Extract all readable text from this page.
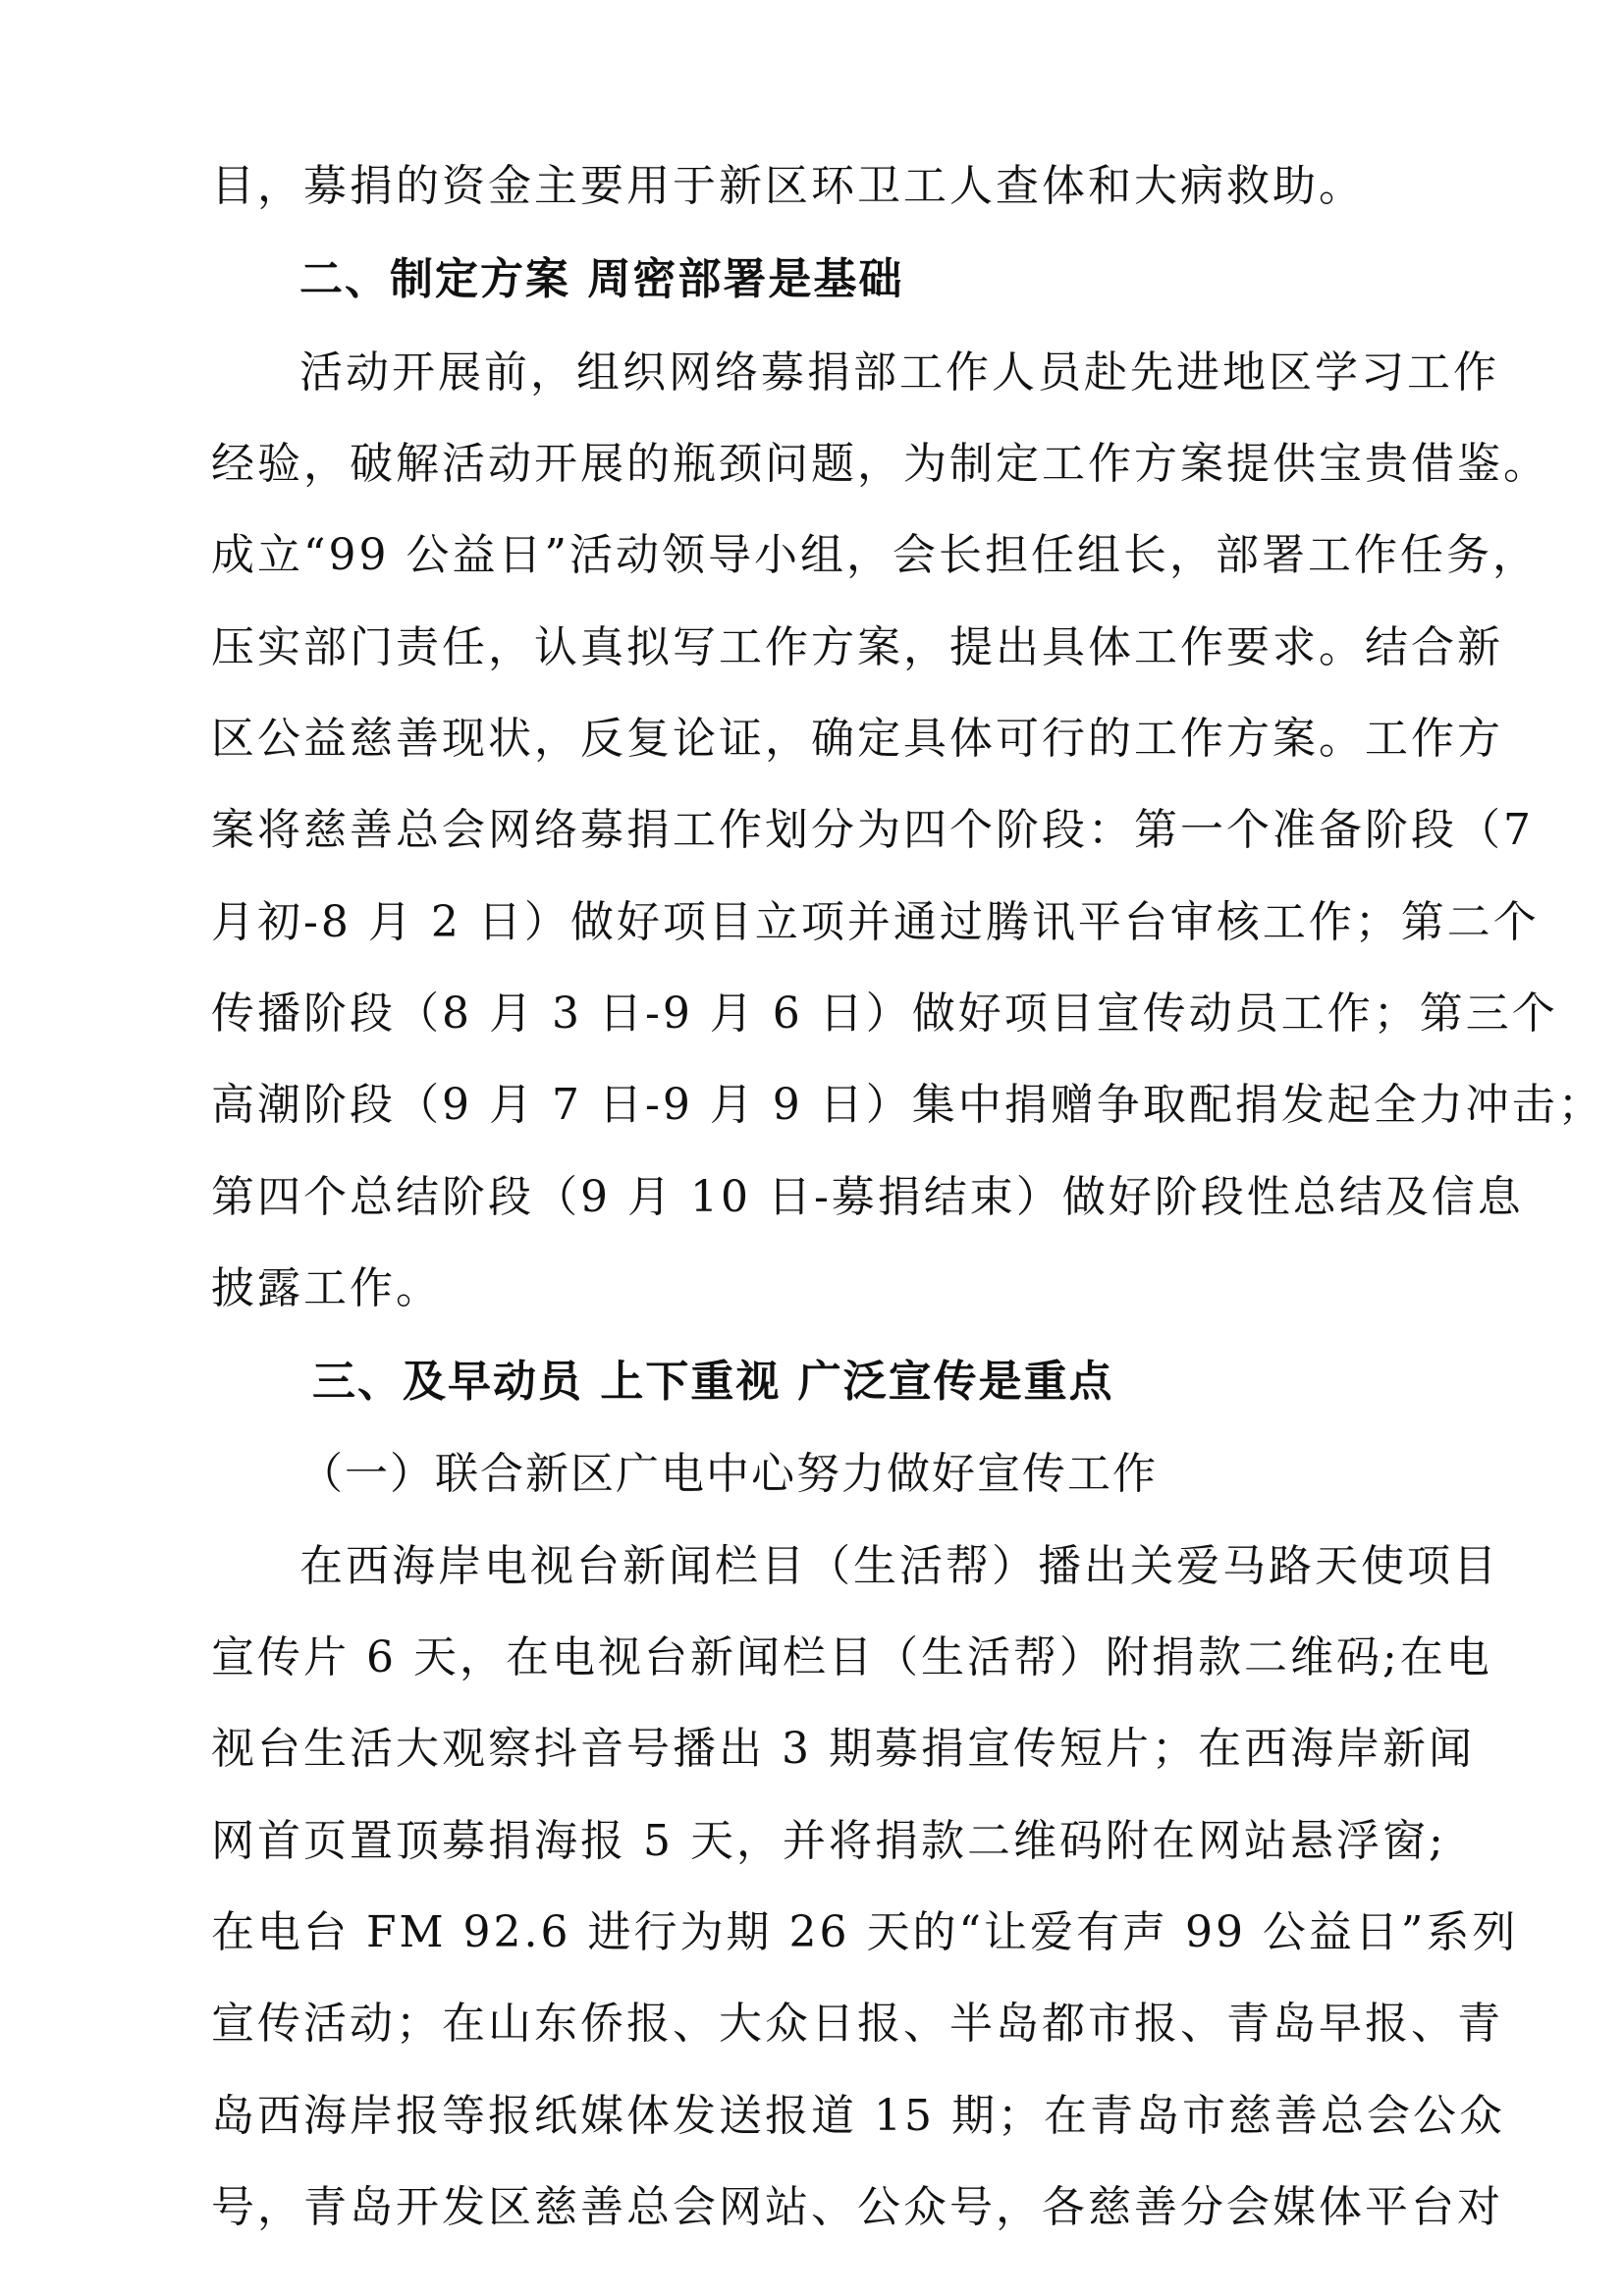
目，募捐的资金主要用于新区环卫工人查体和大病救助。
二、制定方案 周密部署是基础
活动开展前，组织网络募捐部工作人员赴先进地区学习工作
经验，破解活动开展的瓶颈问题，为制定工作方案提供宝贵借鉴。
成立“99 公益日”活动领导小组，会长担任组长，部署工作任务，
压实部门责任，认真拟写工作方案，提出具体工作要求。结合新
区公益慈善现状，反复论证，确定具体可行的工作方案。工作方
案将慈善总会网络募捐工作划分为四个阶段：第一个准备阶段（7
月初-8 月 2 日）做好项目立项并通过腾讯平台审核工作；第二个
传播阶段（8 月 3 日-9 月 6 日）做好项目宣传动员工作；第三个
高潮阶段（9 月 7 日-9 月 9 日）集中捐赠争取配捐发起全力冲击；
第四个总结阶段（9 月 10 日-募捐结束）做好阶段性总结及信息
披露工作。
三、及早动员 上下重视 广泛宣传是重点
（一）联合新区广电中心努力做好宣传工作
在西海岸电视台新闻栏目（生活帮）播出关爱马路天使项目
宣传片 6 天，在电视台新闻栏目（生活帮）附捐款二维码;在电
视台生活大观察抖音号播出 3 期募捐宣传短片；在西海岸新闻
网首页置顶募捐海报 5 天，并将捐款二维码附在网站悬浮窗;
在电台 FM 92.6 进行为期 26 天的“让爱有声 99 公益日”系列
宣传活动；在山东侨报、大众日报、半岛都市报、青岛早报、青
岛西海岸报等报纸媒体发送报道 15 期；在青岛市慈善总会公众
号，青岛开发区慈善总会网站、公众号，各慈善分会媒体平台对
